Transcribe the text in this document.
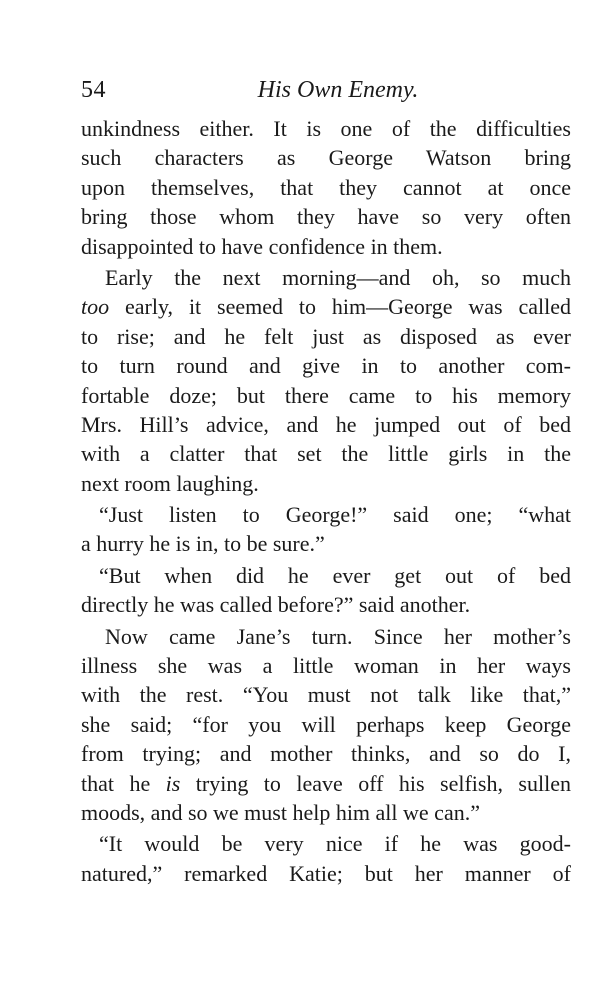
54	His Own Enemy.
unkindness either. It is one of the difficulties
such characters as George Watson bring
upon themselves, that they cannot at once
bring those whom they have so very often
disappointed to have confidence in them.
Early the next morning—and oh, so much
too early, it seemed to him—George was called
to rise; and he felt just as disposed as ever
to turn round and give in to another com-
fortable doze; but there came to his memory
Mrs. Hill’s advice, and he jumped out of bed
with a clatter that set the little girls in the
next room laughing.
“Just listen to George!” said one; “what
a hurry he is in, to be sure.”
“But when did he ever get out of bed
directly he was called before?” said another.
Now came Jane’s turn. Since her mother’s
illness she was a little woman in her ways
with the rest. “You must not talk like that,”
she said; “for you will perhaps keep George
from trying; and mother thinks, and so do I,
that he is trying to leave off his selfish, sullen
moods, and so we must help him all we can.”
“It would be very nice if he was good-
natured,” remarked Katie; but her manner of
